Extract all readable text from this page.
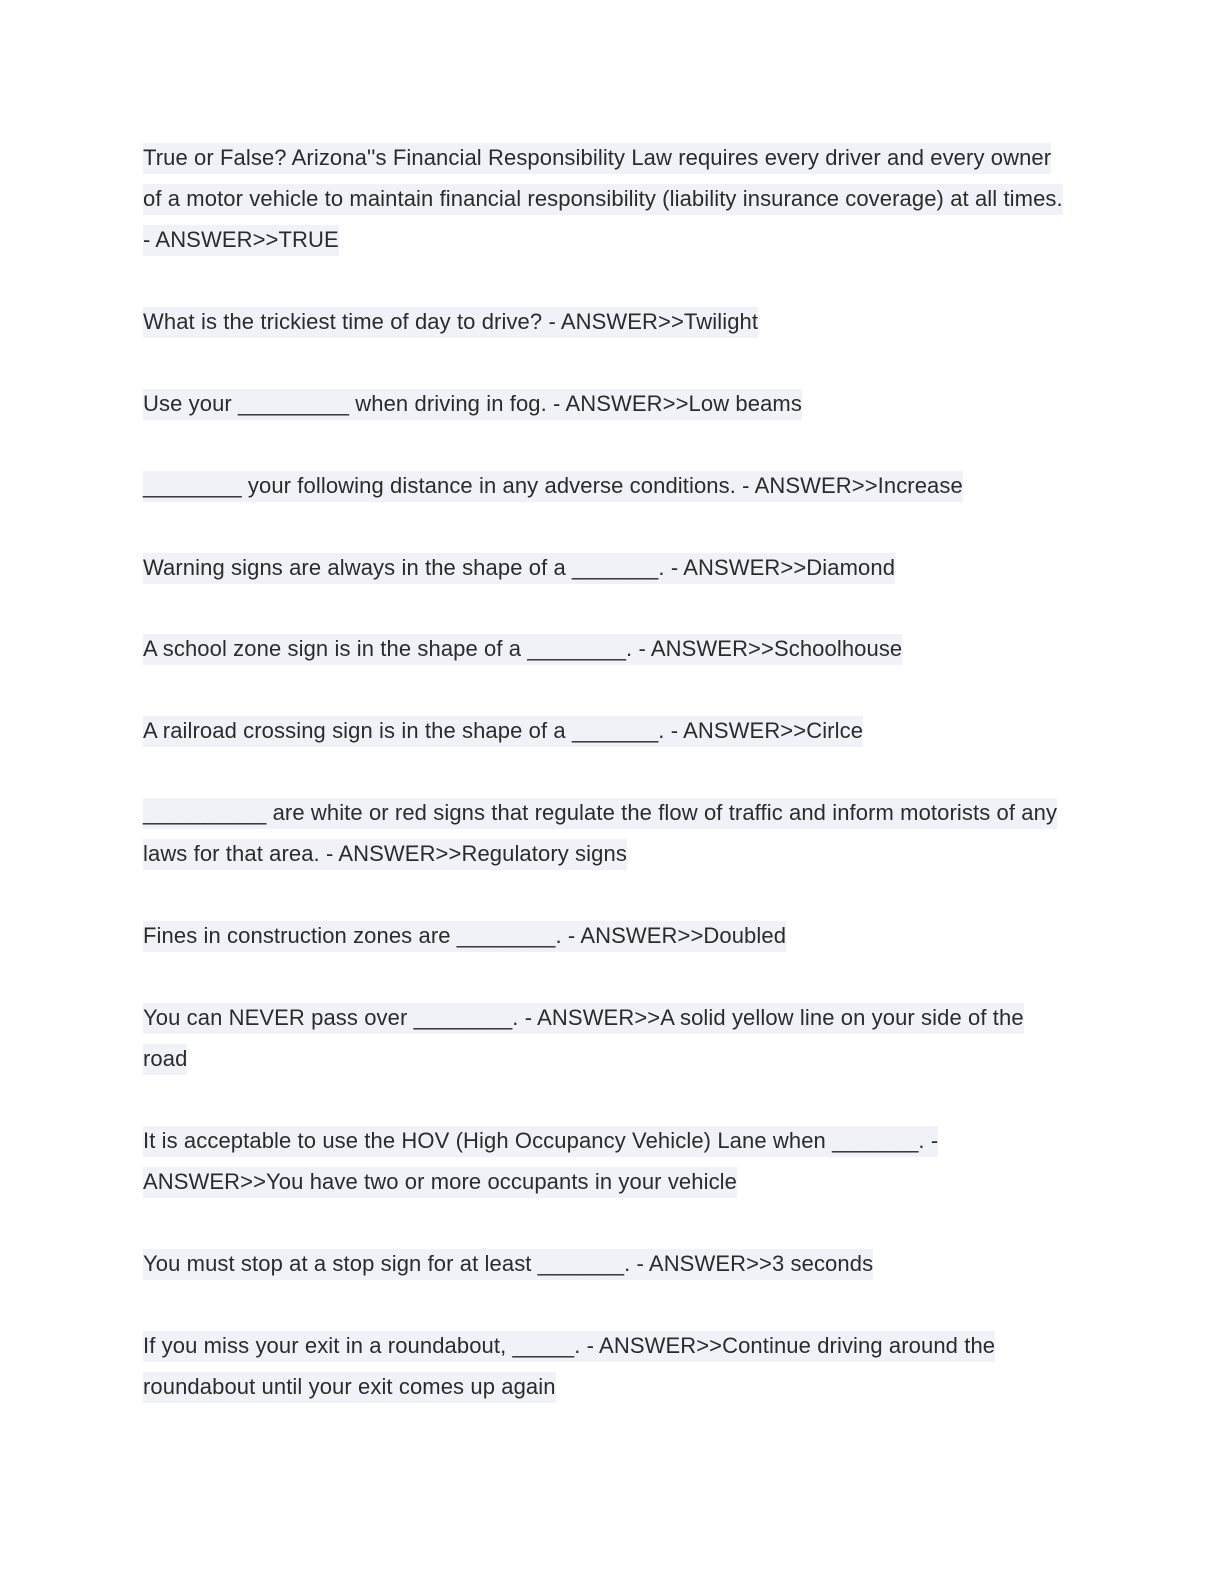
True or False? Arizona''s Financial Responsibility Law requires every driver and every owner of a motor vehicle to maintain financial responsibility (liability insurance coverage) at all times. - ANSWER>>TRUE

What is the trickiest time of day to drive? - ANSWER>>Twilight

Use your _________ when driving in fog. - ANSWER>>Low beams

________ your following distance in any adverse conditions. - ANSWER>>Increase

Warning signs are always in the shape of a _______. - ANSWER>>Diamond

A school zone sign is in the shape of a ________. - ANSWER>>Schoolhouse

A railroad crossing sign is in the shape of a _______. - ANSWER>>Cirlce

__________ are white or red signs that regulate the flow of traffic and inform motorists of any laws for that area. - ANSWER>>Regulatory signs

Fines in construction zones are ________. - ANSWER>>Doubled

You can NEVER pass over ________. - ANSWER>>A solid yellow line on your side of the road

It is acceptable to use the HOV (High Occupancy Vehicle) Lane when _______. - ANSWER>>You have two or more occupants in your vehicle

You must stop at a stop sign for at least _______. - ANSWER>>3 seconds

If you miss your exit in a roundabout, _____. - ANSWER>>Continue driving around the roundabout until your exit comes up again
